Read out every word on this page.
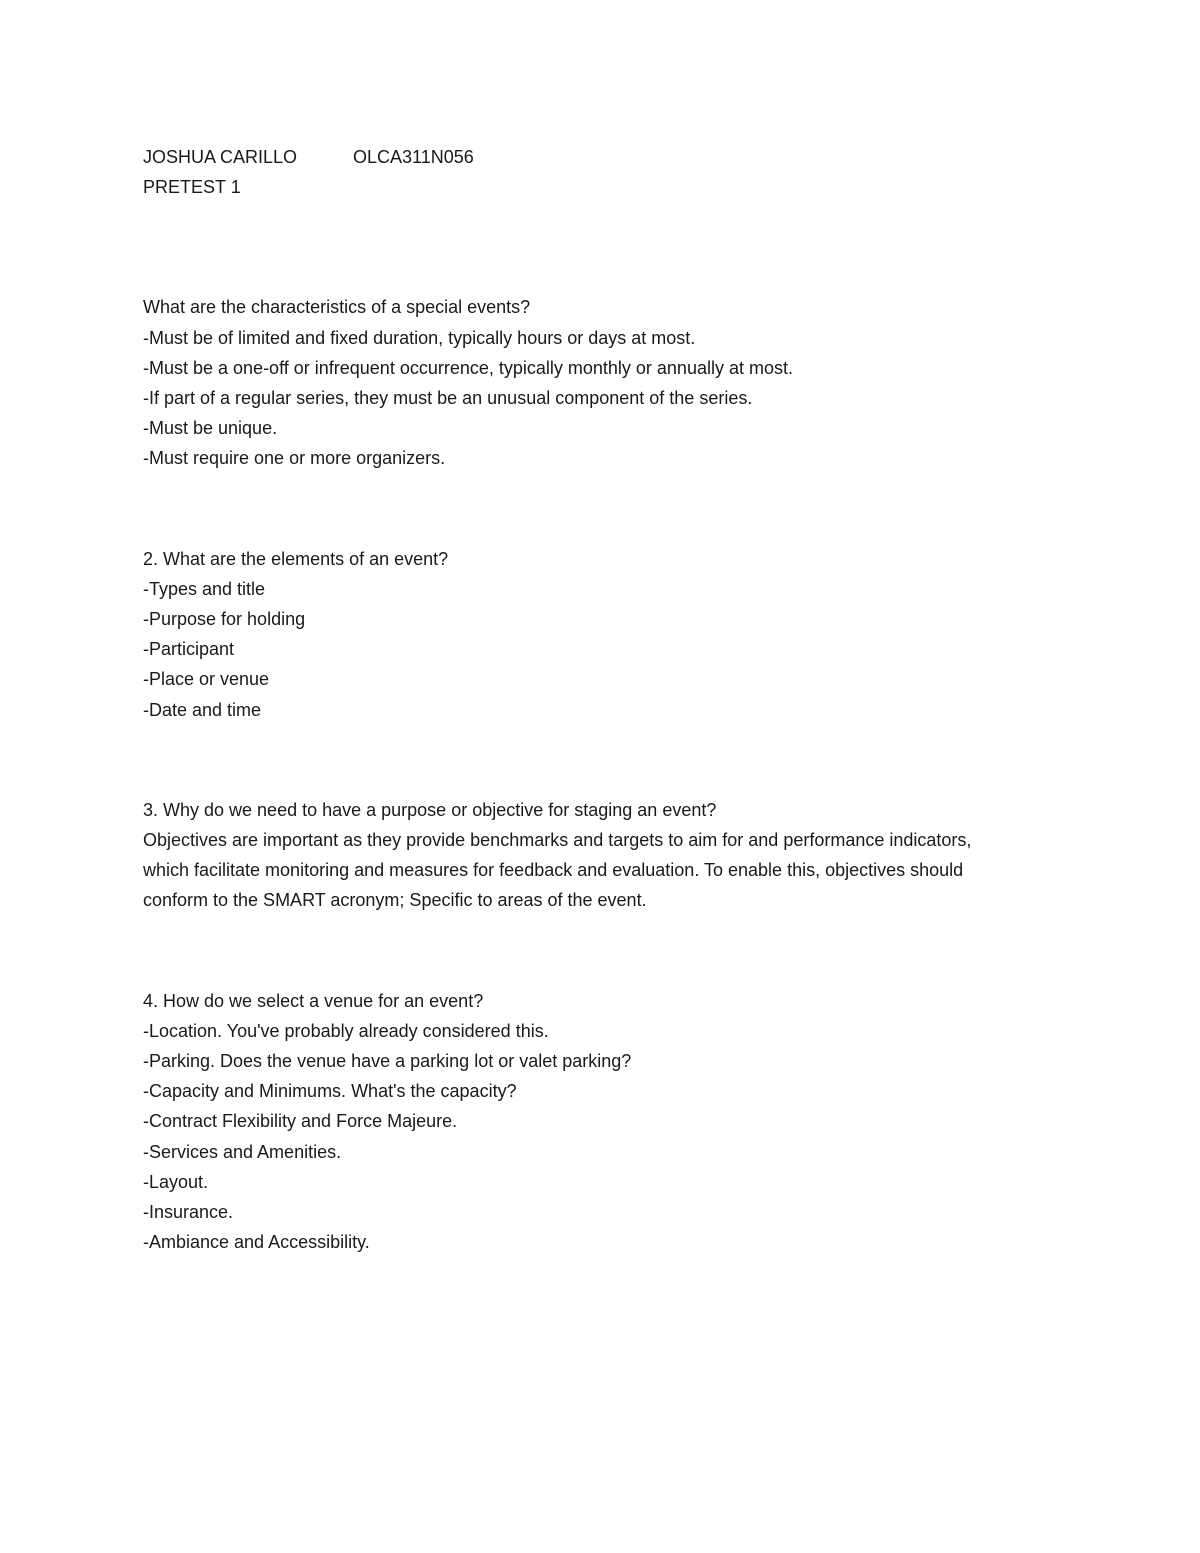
JOSHUA CARILLO	OLCA311N056
PRETEST 1
What are the characteristics of a special events?
-Must be of limited and fixed duration, typically hours or days at most.
-Must be a one-off or infrequent occurrence, typically monthly or annually at most.
-If part of a regular series, they must be an unusual component of the series.
-Must be unique.
-Must require one or more organizers.
2. What are the elements of an event?
-Types and title
-Purpose for holding
-Participant
-Place or venue
-Date and time
3. Why do we need to have a purpose or objective for staging an event?
Objectives are important as they provide benchmarks and targets to aim for and performance indicators,
which facilitate monitoring and measures for feedback and evaluation. To enable this, objectives should
conform to the SMART acronym; Specific to areas of the event.
4. How do we select a venue for an event?
-Location. You've probably already considered this.
-Parking. Does the venue have a parking lot or valet parking?
-Capacity and Minimums. What's the capacity?
-Contract Flexibility and Force Majeure.
-Services and Amenities.
-Layout.
-Insurance.
-Ambiance and Accessibility.
